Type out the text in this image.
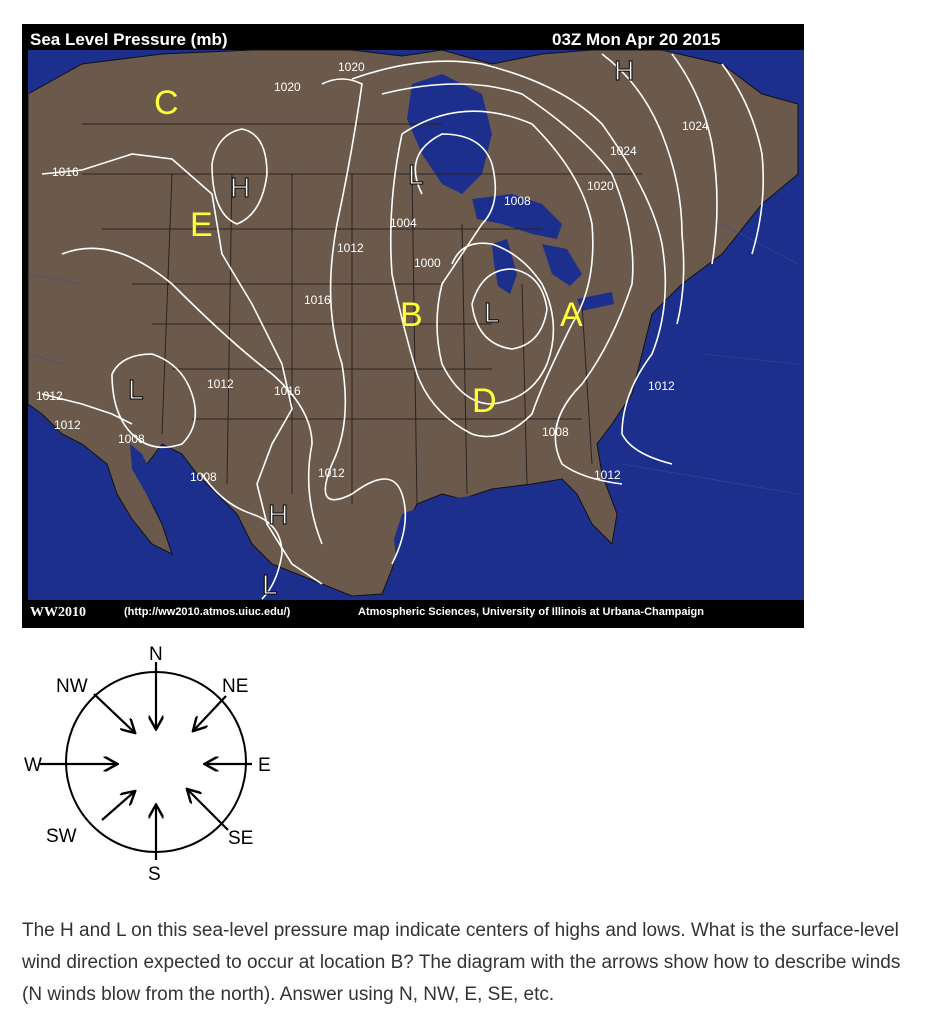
Sea Level Pressure (mb)	03Z Mon Apr 20 2015
1020
1020
1016
1016
1012
1016
1012
1012
1008
1012
1012
1008
1004
1000
1008
1008
1012
1012
1024
1024
1020
H
H
H
L
L
L
L
C
E
B	A
D
WW2010	(http://ww2010.atmos.uiuc.edu/)	Atmospheric Sciences, University of Illinois at Urbana-Champaign
N
NE
E
SE
S
SW
W
NW
The H and L on this sea-level pressure map indicate centers of highs and lows. What is the surface-level wind direction expected to occur at location B? The diagram with the arrows show how to describe winds (N winds blow from the north). Answer using N, NW, E, SE, etc.
